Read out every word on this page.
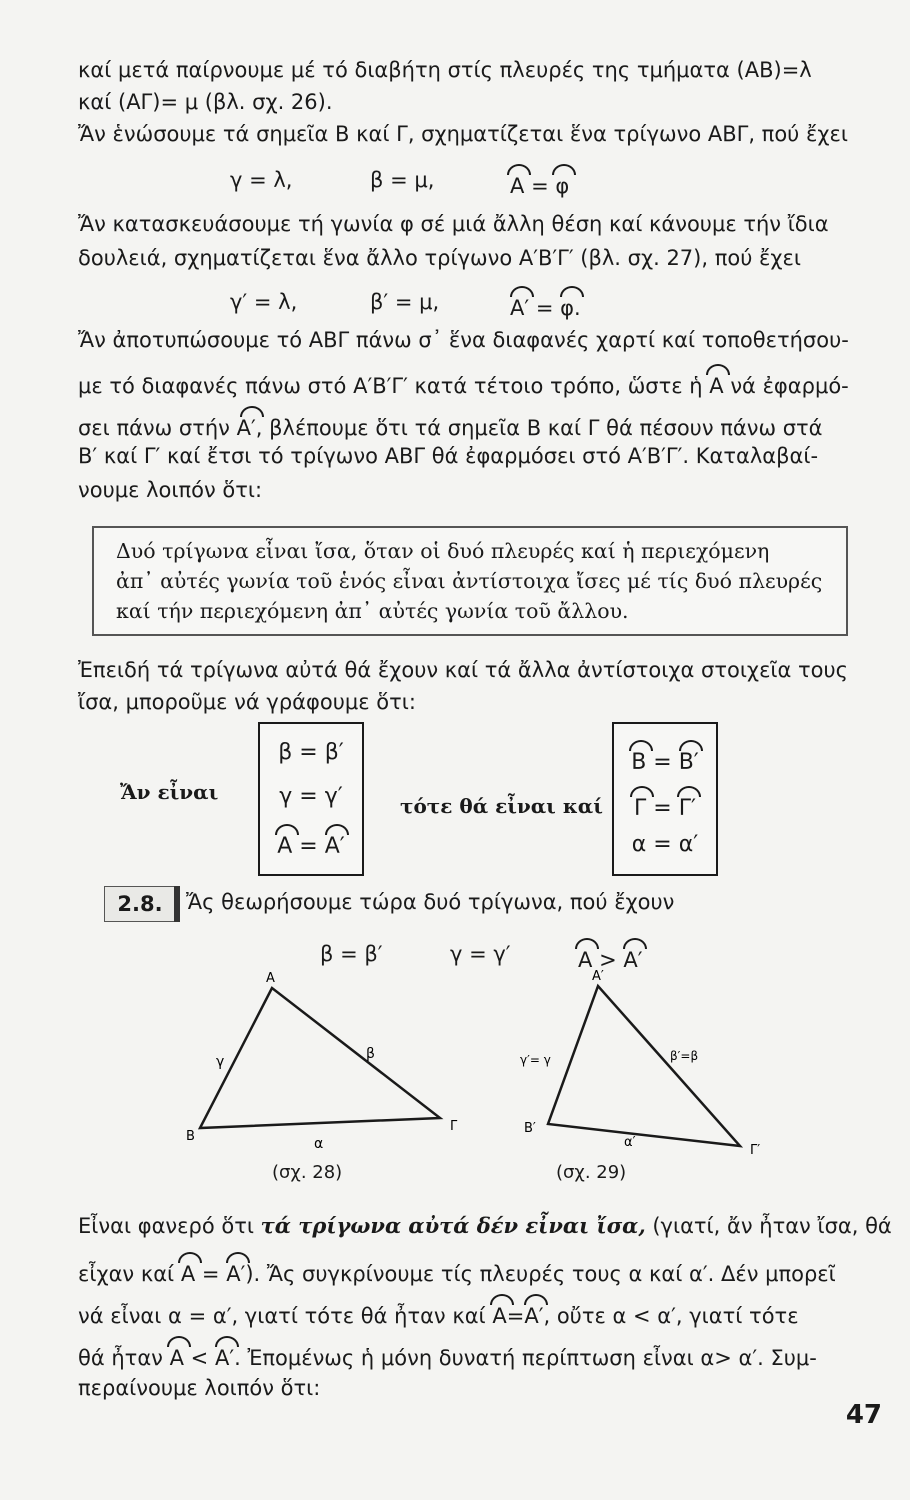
καί μετά παίρνουμε μέ τό διαβήτη στίς πλευρές της τμήματα (ΑΒ)=λ
καί (ΑΓ)= μ (βλ. σχ. 26).
Ἄν ἑνώσουμε τά σημεῖα Β καί Γ, σχηματίζεται ἕνα τρίγωνο ΑΒΓ, πού ἔχει
γ = λ,	β = μ,	Α = φ
Ἄν κατασκευάσουμε τή γωνία φ σέ μιά ἄλλη θέση καί κάνουμε τήν ἴδια
δουλειά, σχηματίζεται ἕνα ἄλλο τρίγωνο Α′Β′Γ′ (βλ. σχ. 27), πού ἔχει
γ′ = λ,	β′ = μ,	Α′ = φ.
Ἄν ἀποτυπώσουμε τό ΑΒΓ πάνω σ᾽ ἕνα διαφανές χαρτί καί τοποθετήσου-
με τό διαφανές πάνω στό Α′Β′Γ′ κατά τέτοιο τρόπο, ὥστε ἡ Α νά ἐφαρμό-
σει πάνω στήν Α′, βλέπουμε ὅτι τά σημεῖα Β καί Γ θά πέσουν πάνω στά
Β′ καί Γ′ καί ἔτσι τό τρίγωνο ΑΒΓ θά ἐφαρμόσει στό Α′Β′Γ′. Καταλαβαί-
νουμε λοιπόν ὅτι:
Δυό τρίγωνα εἶναι ἴσα, ὅταν οἱ δυό πλευρές καί ἡ περιεχόμενη
ἀπ᾽ αὐτές γωνία τοῦ ἑνός εἶναι ἀντίστοιχα ἴσες μέ τίς δυό πλευρές
καί τήν περιεχόμενη ἀπ᾽ αὐτές γωνία τοῦ ἄλλου.
Ἐπειδή τά τρίγωνα αὐτά θά ἔχουν καί τά ἄλλα ἀντίστοιχα στοιχεῖα τους
ἴσα, μπορoῦμε νά γράφουμε ὅτι:
Ἄν εἶναι
β = β′
γ = γ′
Α = Α′
τότε θά εἶναι καί
Β = Β′
Γ = Γ′
α = α′
2.8.	Ἄς θεωρήσουμε τώρα δυό τρίγωνα, πού ἔχουν
β = β′	γ = γ′	Α > Α′
A
B
Γ
γ	β
α
(σχ. 28)
A′
B′
Γ′
γ′= γ	β′=β
α′
(σχ. 29)
Εἶναι φανερό ὅτι τά τρίγωνα αὐτά δέν εἶναι ἴσα, (γιατί, ἄν ἦταν ἴσα, θά
εἶχαν καί Α = Α′). Ἄς συγκρίνουμε τίς πλευρές τους α καί α′. Δέν μπορεῖ
νά εἶναι α = α′, γιατί τότε θά ἦταν καί Α=Α′, οὔτε α < α′, γιατί τότε
θά ἦταν Α < Α′. Ἐπομένως ἡ μόνη δυνατή περίπτωση εἶναι α> α′. Συμ-
περαίνουμε λοιπόν ὅτι:
47
